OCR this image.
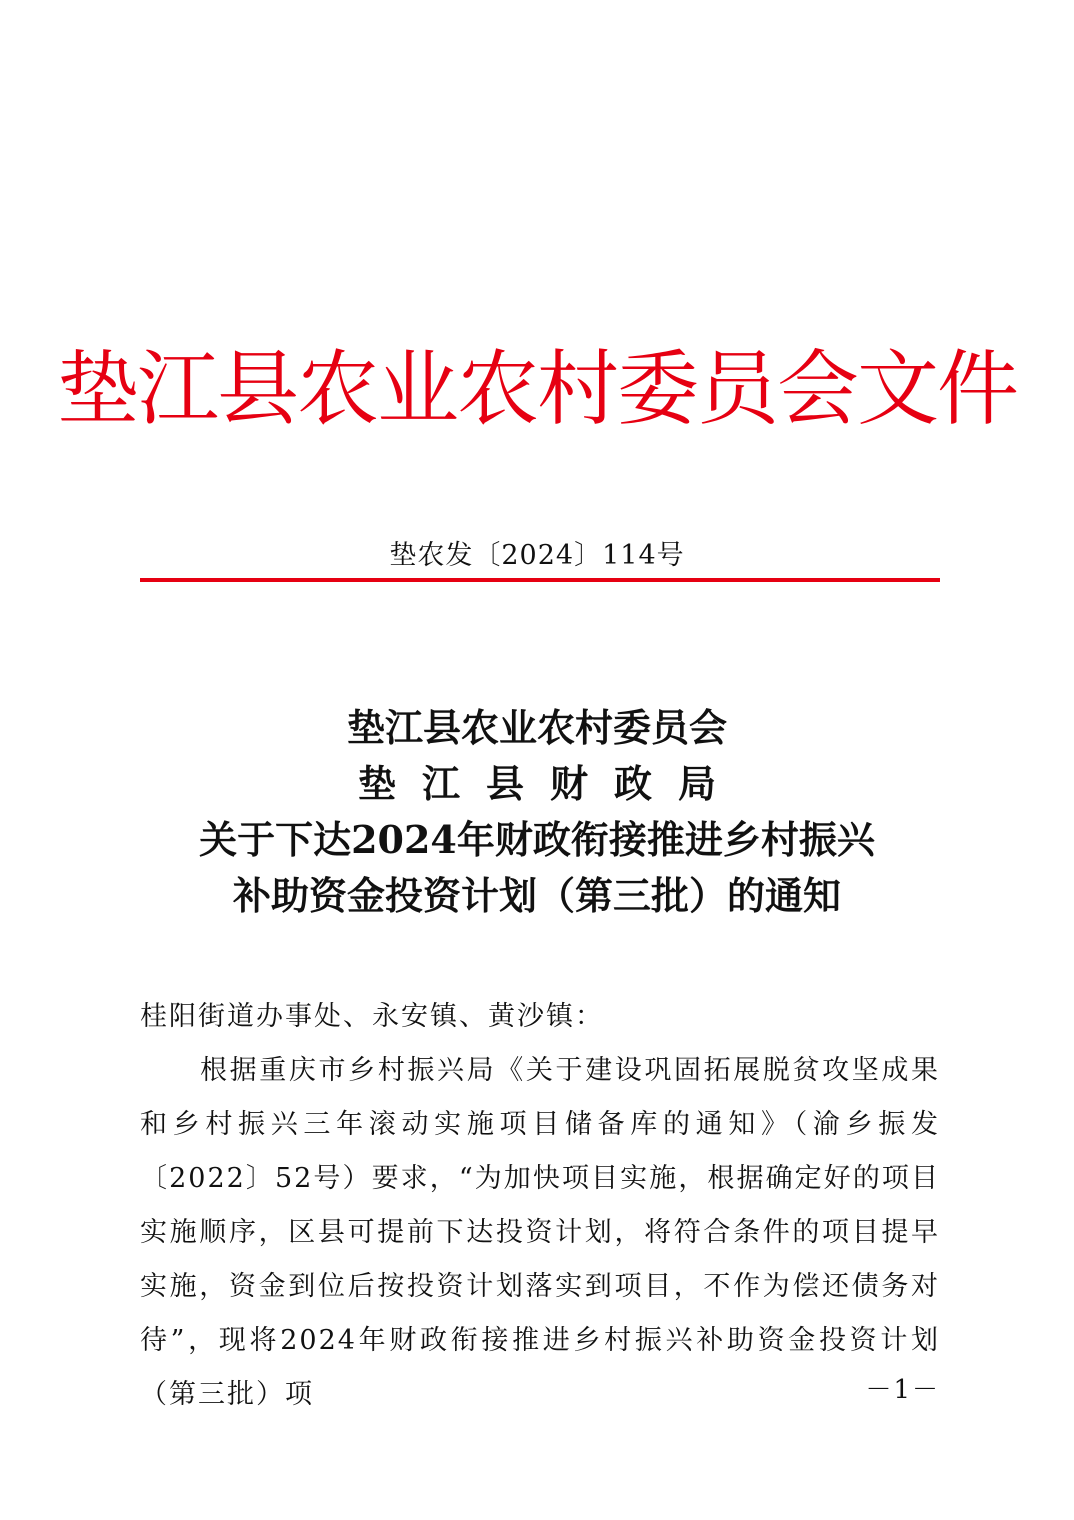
垫江县农业农村委员会文件
垫农发〔2024〕114号
垫江县农业农村委员会
垫江县财政局
关于下达2024年财政衔接推进乡村振兴
补助资金投资计划（第三批）的通知
桂阳街道办事处、永安镇、黄沙镇：
根据重庆市乡村振兴局《关于建设巩固拓展脱贫攻坚成果和乡村振兴三年滚动实施项目储备库的通知》（渝乡振发〔2022〕52号）要求，“为加快项目实施，根据确定好的项目实施顺序，区县可提前下达投资计划，将符合条件的项目提早实施，资金到位后按投资计划落实到项目，不作为偿还债务对待”，现将2024年财政衔接推进乡村振兴补助资金投资计划（第三批）项	－1－
